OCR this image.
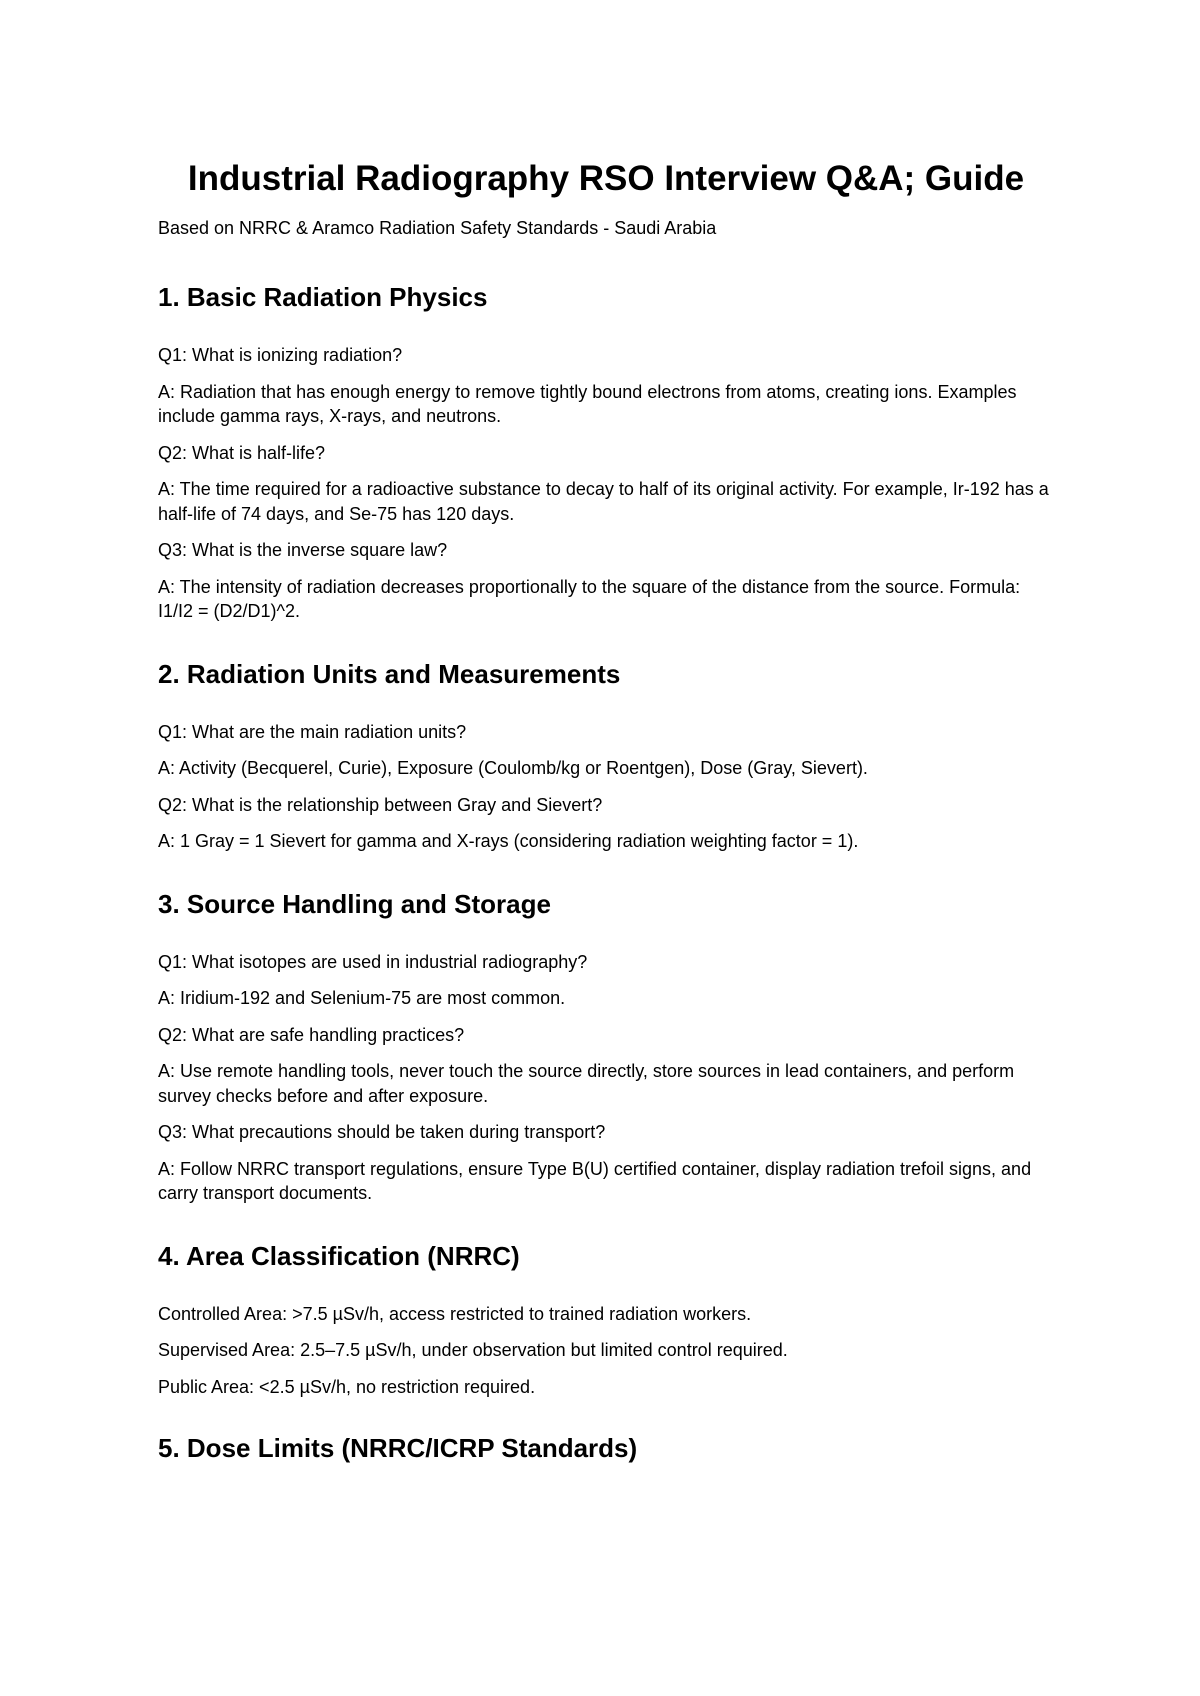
Industrial Radiography RSO Interview Q&A; Guide

Based on NRRC & Aramco Radiation Safety Standards - Saudi Arabia

1. Basic Radiation Physics

Q1: What is ionizing radiation?

A: Radiation that has enough energy to remove tightly bound electrons from atoms, creating ions. Examples include gamma rays, X-rays, and neutrons.

Q2: What is half-life?

A: The time required for a radioactive substance to decay to half of its original activity. For example, Ir-192 has a half-life of 74 days, and Se-75 has 120 days.

Q3: What is the inverse square law?

A: The intensity of radiation decreases proportionally to the square of the distance from the source. Formula: I1/I2 = (D2/D1)^2.

2. Radiation Units and Measurements

Q1: What are the main radiation units?

A: Activity (Becquerel, Curie), Exposure (Coulomb/kg or Roentgen), Dose (Gray, Sievert).

Q2: What is the relationship between Gray and Sievert?

A: 1 Gray = 1 Sievert for gamma and X-rays (considering radiation weighting factor = 1).

3. Source Handling and Storage

Q1: What isotopes are used in industrial radiography?

A: Iridium-192 and Selenium-75 are most common.

Q2: What are safe handling practices?

A: Use remote handling tools, never touch the source directly, store sources in lead containers, and perform survey checks before and after exposure.

Q3: What precautions should be taken during transport?

A: Follow NRRC transport regulations, ensure Type B(U) certified container, display radiation trefoil signs, and carry transport documents.

4. Area Classification (NRRC)

Controlled Area: >7.5 µSv/h, access restricted to trained radiation workers.

Supervised Area: 2.5–7.5 µSv/h, under observation but limited control required.

Public Area: <2.5 µSv/h, no restriction required.

5. Dose Limits (NRRC/ICRP Standards)
